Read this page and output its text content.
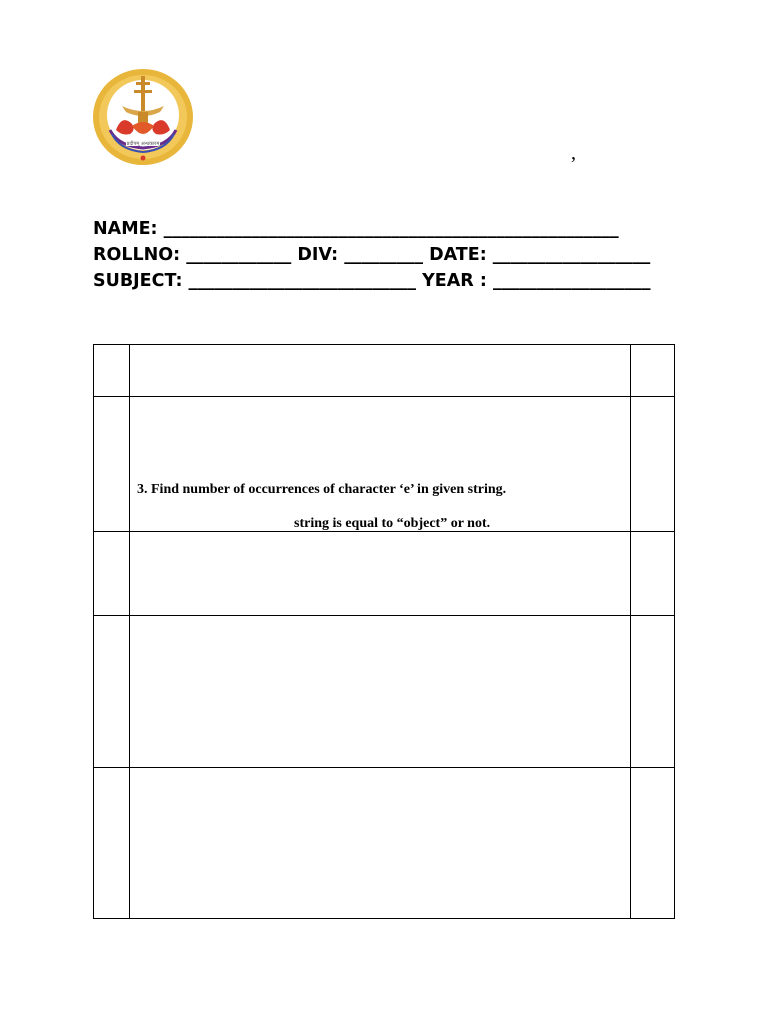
प्रदीपम् अन्धकारम्	,
NAME: ____________________________________________________
ROLLNO: ____________ DIV: _________ DATE: __________________
SUBJECT: __________________________ YEAR : __________________

	3. Find number of occurrences of character ‘e’ in given string.
string is equal to “object” or not.	
